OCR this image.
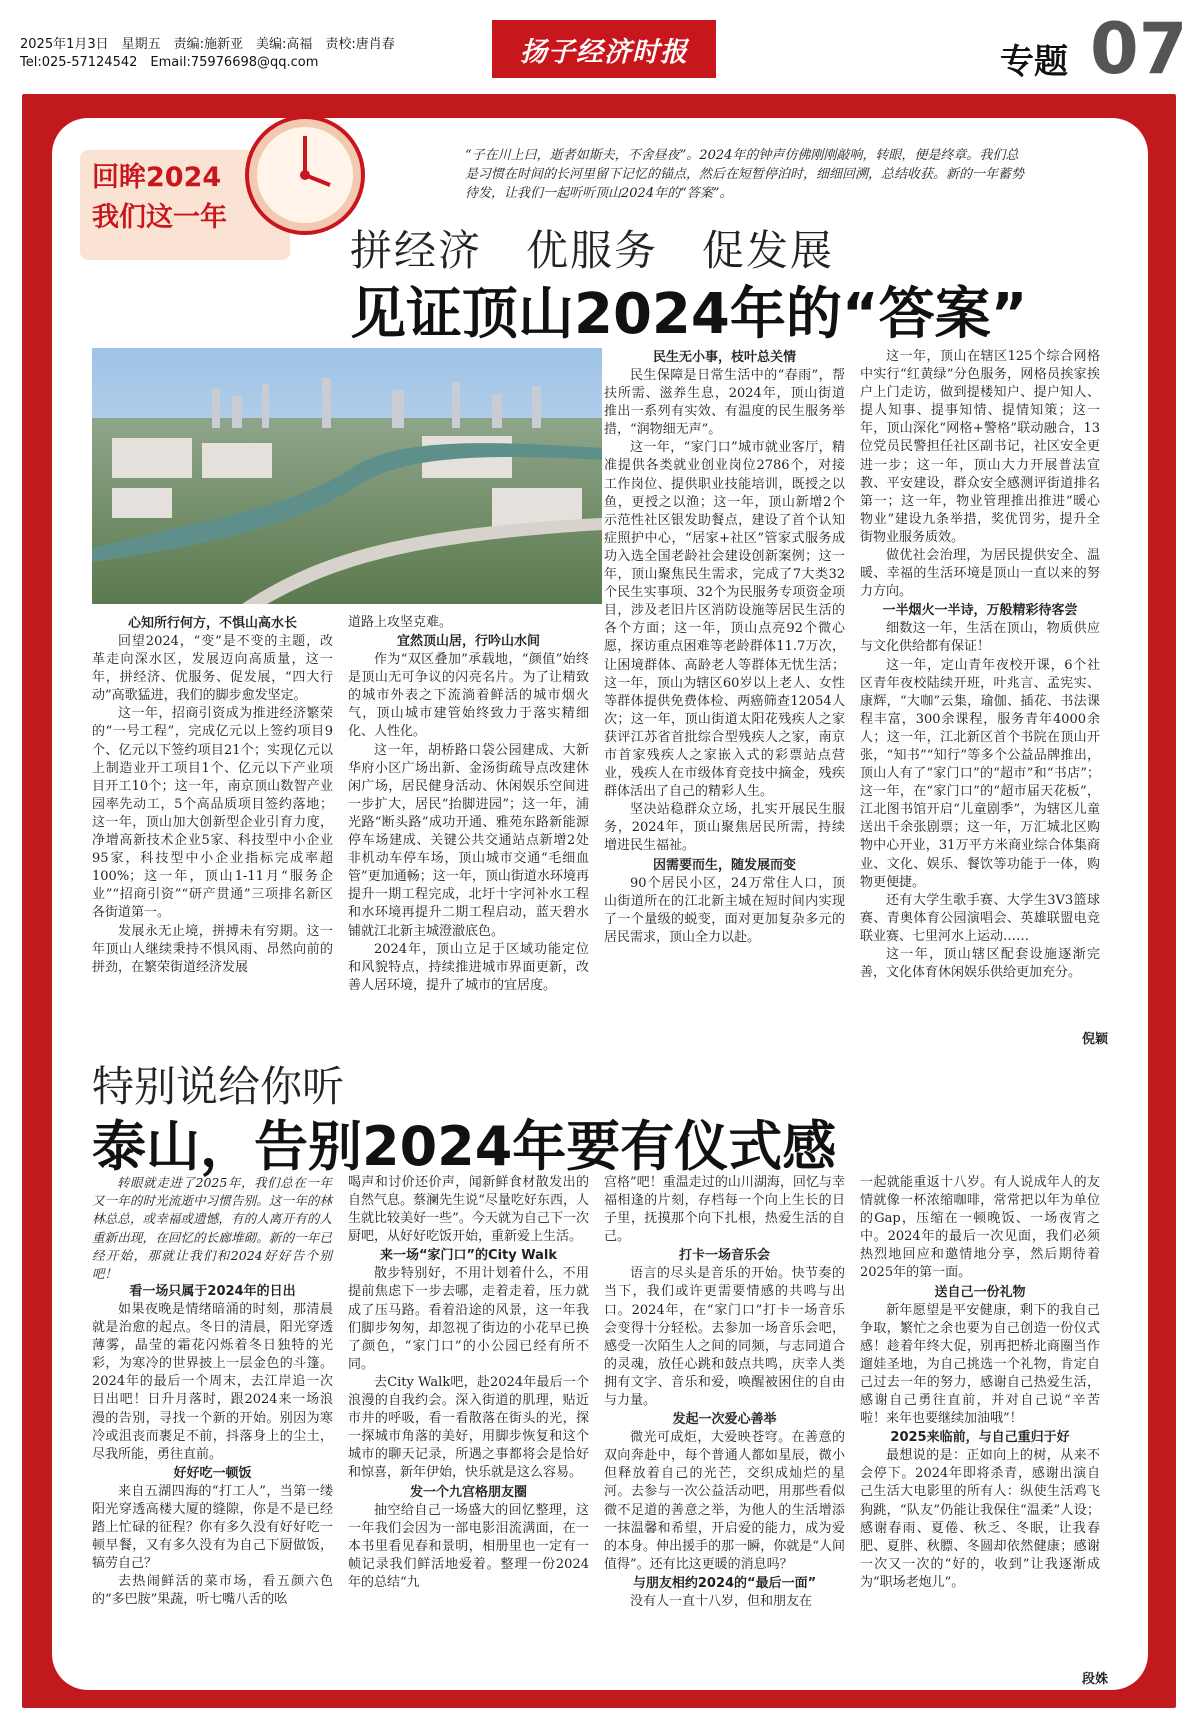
2025年1月3日　星期五　责编:施新亚　美编:高福　责校:唐肖春
Tel:025-57124542　Email:75976698@qq.com	扬子经济时报	专题 07
回眸2024
我们这一年
“子在川上曰，逝者如斯夫，不舍昼夜”。2024年的钟声仿佛刚刚敲响，转眼，便是终章。我们总是习惯在时间的长河里留下记忆的锚点，然后在短暂停泊时，细细回溯，总结收获。新的一年蓄势待发，让我们一起听听顶山2024年的“答案”。
拼经济　优服务　促发展
见证顶山2024年的“答案”
心知所行何方，不惧山高水长

回望2024，“变”是不变的主题，改革走向深水区，发展迈向高质量，这一年，拼经济、优服务、促发展，“四大行动”高歌猛进，我们的脚步愈发坚定。

这一年，招商引资成为推进经济繁荣的“一号工程”，完成亿元以上签约项目9个、亿元以下签约项目21个；实现亿元以上制造业开工项目1个、亿元以下产业项目开工10个；这一年，南京顶山数智产业园率先动工，5个高品质项目签约落地；这一年，顶山加大创新型企业引育力度，净增高新技术企业5家、科技型中小企业95家，科技型中小企业指标完成率超100%；这一年，顶山1-11月“服务企业”“招商引资”“研产贯通”三项排名新区各街道第一。

发展永无止境，拼搏未有穷期。这一年顶山人继续秉持不惧风雨、昂然向前的拼劲，在繁荣街道经济发展

道路上攻坚克难。

宜然顶山居，行吟山水间

作为“双区叠加”承载地，“颜值”始终是顶山无可争议的闪亮名片。为了让精致的城市外表之下流淌着鲜活的城市烟火气，顶山城市建管始终致力于落实精细化、人性化。

这一年，胡桥路口袋公园建成、大新华府小区广场出新、金汤街疏导点改建休闲广场，居民健身活动、休闲娱乐空间进一步扩大，居民“抬脚进园”；这一年，浦光路“断头路”成功开通、雅苑东路新能源停车场建成、关键公共交通站点新增2处非机动车停车场，顶山城市交通“毛细血管”更加通畅；这一年，顶山街道水环境再提升一期工程完成，北圩十字河补水工程和水环境再提升二期工程启动，蓝天碧水铺就江北新主城澄澈底色。

2024年，顶山立足于区域功能定位和风貌特点，持续推进城市界面更新，改善人居环境，提升了城市的宜居度。

民生无小事，枝叶总关情

民生保障是日常生活中的“春雨”，帮扶所需、滋养生息，2024年，顶山街道推出一系列有实效、有温度的民生服务举措，“润物细无声”。

这一年，“家门口”城市就业客厅，精准提供各类就业创业岗位2786个，对接工作岗位、提供职业技能培训，既授之以鱼，更授之以渔；这一年，顶山新增2个示范性社区银发助餐点，建设了首个认知症照护中心，“居家+社区”管家式服务成功入选全国老龄社会建设创新案例；这一年，顶山聚焦民生需求，完成了7大类32个民生实事项、32个为民服务专项资金项目，涉及老旧片区消防设施等居民生活的各个方面；这一年，顶山点亮92个微心愿，探访重点困难等老龄群体11.7万次，让困境群体、高龄老人等群体无忧生活；这一年，顶山为辖区60岁以上老人、女性等群体提供免费体检、两癌筛查12054人次；这一年，顶山街道太阳花残疾人之家获评江苏省首批综合型残疾人之家，南京市首家残疾人之家嵌入式的彩票站点营业，残疾人在市级体育竞技中摘金，残疾群体活出了自己的精彩人生。

坚决站稳群众立场，扎实开展民生服务，2024年，顶山聚焦居民所需，持续增进民生福祉。

因需要而生，随发展而变

90个居民小区，24万常住人口，顶山街道所在的江北新主城在短时间内实现了一个量级的蜕变，面对更加复杂多元的居民需求，顶山全力以赴。

这一年，顶山在辖区125个综合网格中实行“红黄绿”分色服务，网格员挨家挨户上门走访，做到提楼知户、提户知人、提人知事、提事知情、提情知策；这一年，顶山深化“网格+警格”联动融合，13位党员民警担任社区副书记，社区安全更进一步；这一年，顶山大力开展普法宣教、平安建设，群众安全感测评街道排名第一；这一年，物业管理推出推进“暖心物业”建设九条举措，奖优罚劣，提升全街物业服务质效。

做优社会治理，为居民提供安全、温暖、幸福的生活环境是顶山一直以来的努力方向。

一半烟火一半诗，万般精彩待客尝

细数这一年，生活在顶山，物质供应与文化供给都有保证！

这一年，定山青年夜校开课，6个社区青年夜校陆续开班，叶兆言、孟宪实、康辉，“大咖”云集，瑜伽、插花、书法课程丰富，300余课程，服务青年4000余人；这一年，江北新区首个书院在顶山开张，“知书”“知行”等多个公益品牌推出，顶山人有了“家门口”的“超市”和“书店”；这一年，在“家门口”的“超市届天花板”，江北图书馆开启“儿童剧季”，为辖区儿童送出千余张剧票；这一年，万汇城北区购物中心开业，31万平方米商业综合体集商业、文化、娱乐、餐饮等功能于一体，购物更便捷。

还有大学生歌手赛、大学生3V3篮球赛、青奥体育公园演唱会、英雄联盟电竞联业赛、七里河水上运动……

这一年，顶山辖区配套设施逐渐完善，文化体育休闲娱乐供给更加充分。

倪颖
特别说给你听
泰山，告别2024年要有仪式感
转眼就走进了2025年，我们总在一年又一年的时光流逝中习惯告别。这一年的林林总总，或幸福或遗憾，有的人离开有的人重新出现，在回忆的长廊堆砌。新的一年已经开始，那就让我们和2024好好告个别吧！
看一场只属于2024年的日出

如果夜晚是情绪暗涌的时刻，那清晨就是治愈的起点。冬日的清晨，阳光穿透薄雾，晶莹的霜花闪烁着冬日独特的光彩，为寒冷的世界披上一层金色的斗篷。2024年的最后一个周末，去江岸追一次日出吧！日升月落时，跟2024来一场浪漫的告别，寻找一个新的开始。别因为寒冷或沮丧而裹足不前，抖落身上的尘土，尽我所能，勇往直前。

好好吃一顿饭

来自五湖四海的“打工人”，当第一缕阳光穿透高楼大厦的缝隙，你是不是已经踏上忙碌的征程？你有多久没有好好吃一顿早餐，又有多久没有为自己下厨做饭，犒劳自己？

去热闹鲜活的菜市场，看五颜六色的“多巴胺”果蔬，听七嘴八舌的吆

喝声和讨价还价声，闻新鲜食材散发出的自然气息。蔡澜先生说“尽量吃好东西，人生就比较美好一些”。今天就为自己下一次厨吧，从好好吃饭开始，重新爱上生活。

来一场“家门口”的City Walk

散步特别好，不用计划着什么，不用提前焦虑下一步去哪，走着走着，压力就成了压马路。看着沿途的风景，这一年我们脚步匆匆，却忽视了街边的小花早已换了颜色，“家门口”的小公园已经有所不同。

去City Walk吧，赴2024年最后一个浪漫的自我约会。深入街道的肌理，贴近市井的呼吸，看一看散落在街头的光，探一探城市角落的美好，用脚步恢复和这个城市的聊天记录，所遇之事都将会是恰好和惊喜，新年伊始，快乐就是这么容易。

发一个九宫格朋友圈

抽空给自己一场盛大的回忆整理，这一年我们会因为一部电影泪流满面，在一本书里看见春和景明，相册里也一定有一帧记录我们鲜活地爱着。整理一份2024年的总结“九

宫格”吧！重温走过的山川湖海，回忆与幸福相逢的片刻，存档每一个向上生长的日子里，抚摸那个向下扎根，热爱生活的自己。

打卡一场音乐会

语言的尽头是音乐的开始。快节奏的当下，我们或许更需要情感的共鸣与出口。2024年，在“家门口”打卡一场音乐会变得十分轻松。去参加一场音乐会吧，感受一次陌生人之间的同频，与志同道合的灵魂，放任心跳和鼓点共鸣，庆幸人类拥有文字、音乐和爱，唤醒被困住的自由与力量。

发起一次爱心善举

微光可成炬，大爱映苍穹。在善意的双向奔赴中，每个普通人都如星辰，微小但释放着自己的光芒，交织成灿烂的星河。去参与一次公益活动吧，用那些看似微不足道的善意之举，为他人的生活增添一抹温馨和希望，开启爱的能力，成为爱的本身。伸出援手的那一瞬，你就是“人间值得”。还有比这更暖的消息吗？

与朋友相约2024的“最后一面”

没有人一直十八岁，但和朋友在

一起就能重返十八岁。有人说成年人的友情就像一杯浓缩咖啡，常常把以年为单位的Gap，压缩在一顿晚饭、一场夜宵之中。2024年的最后一次见面，我们必须热烈地回应和邀情地分享，然后期待着2025年的第一面。

送自己一份礼物

新年愿望是平安健康，剩下的我自己争取，繁忙之余也要为自己创造一份仪式感！趁着年终大促，别再把桥北商圈当作遛娃圣地，为自己挑选一个礼物，肯定自己过去一年的努力，感谢自己热爱生活，感谢自己勇往直前，并对自己说“辛苦啦！来年也要继续加油哦”！

2025来临前，与自己重归于好

最想说的是：正如向上的树，从来不会停下。2024年即将杀青，感谢出演自己生活大电影里的所有人：纵使生活鸡飞狗跳，“队友”仍能让我保住“温柔”人设；感谢春雨、夏倦、秋乏、冬眠，让我春肥、夏胖、秋膘、冬圆却依然健康；感谢一次又一次的“好的，收到”让我逐渐成为“职场老炮儿”。

段姝
